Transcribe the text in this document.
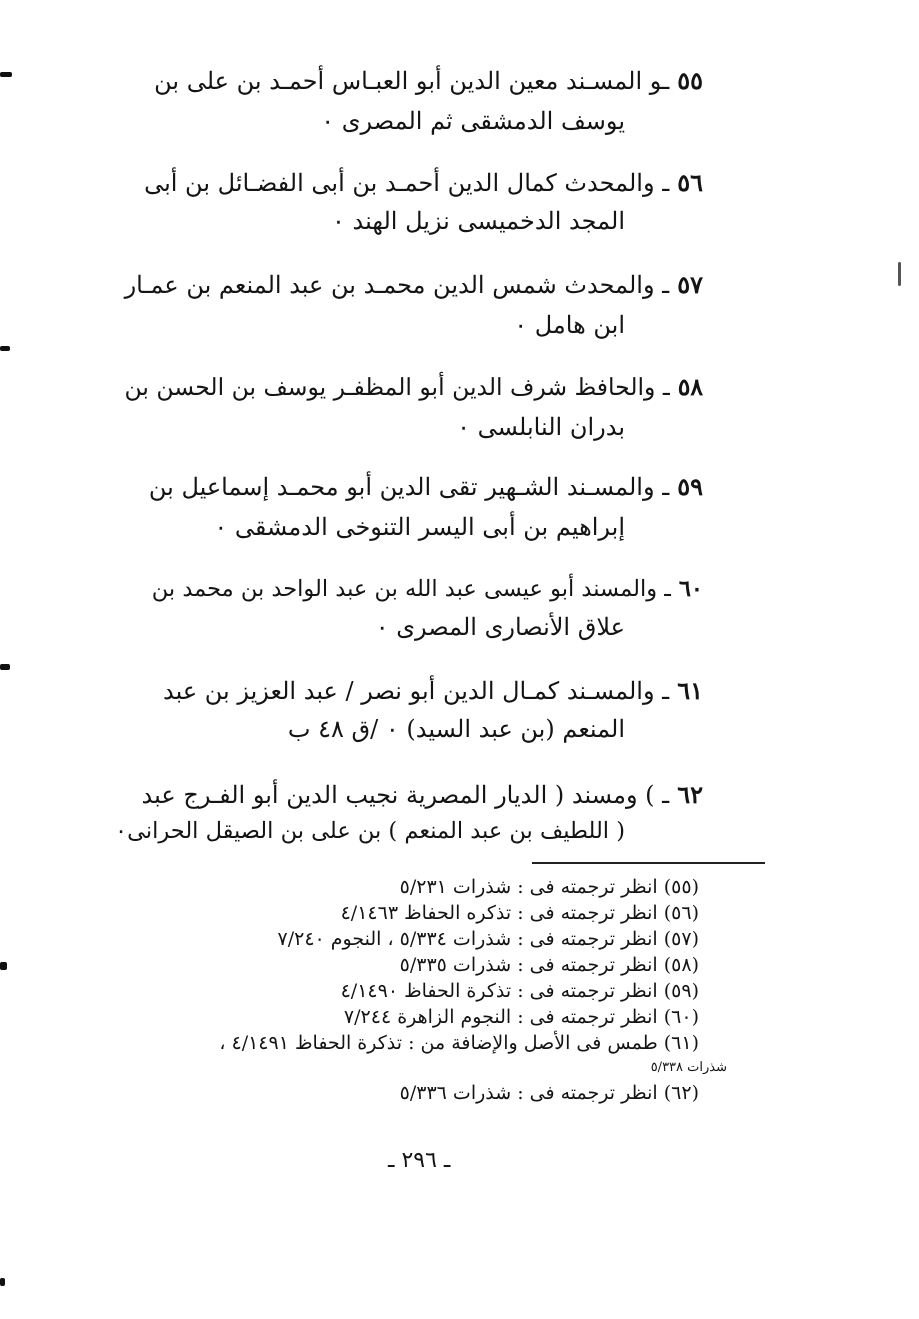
٥٥ـو المسـند معين الدين أبو العبـاس أحمـد بن على بن
يوسف الدمشقى ثم المصرى ٠
٥٦ـ والمحدث كمال الدين أحمـد بن أبى الفضـائل بن أبى
المجد الدخميسى نزيل الهند ٠
٥٧ـ والمحدث شمس الدين محمـد بن عبد المنعم بن عمـار
ابن هامل ٠
٥٨ـ والحافظ شرف الدين أبو المظفـر يوسف بن الحسن بن
بدران النابلسى ٠
٥٩ـ والمسـند الشـهير تقى الدين أبو محمـد إسماعيل بن
إبراهيم بن أبى اليسر التنوخى الدمشقى ٠
٦٠ـ والمسند أبو عيسى عبد الله بن عبد الواحد بن محمد بن
علاق الأنصارى المصرى ٠
٦١ـ والمسـند كمـال الدين أبو نصر / عبد العزيز بن عبد
المنعم (بن عبد السيد) ٠ /ق ٤٨ ب
٦٢ـ ) ومسند ( الديار المصرية نجيب الدين أبو الفـرج عبد
( اللطيف بن عبد المنعم ) بن على بن الصيقل الحرانى٠
(٥٥) انظر ترجمته فى : شذرات ٥/٢٣١
(٥٦) انظر ترجمته فى : تذكره الحفاظ ٤/١٤٦٣
(٥٧) انظر ترجمته فى : شذرات ٥/٣٣٤ ، النجوم ٧/٢٤٠
(٥٨) انظر ترجمته فى : شذرات ٥/٣٣٥
(٥٩) انظر ترجمته فى : تذكرة الحفاظ ٤/١٤٩٠
(٦٠) انظر ترجمته فى : النجوم الزاهرة ٧/٢٤٤
(٦١) طمس فى الأصل والإضافة من : تذكرة الحفاظ ٤/١٤٩١ ،
شذرات ٥/٣٣٨
(٦٢) انظر ترجمته فى : شذرات ٥/٣٣٦
ـ ٢٩٦ ـ
